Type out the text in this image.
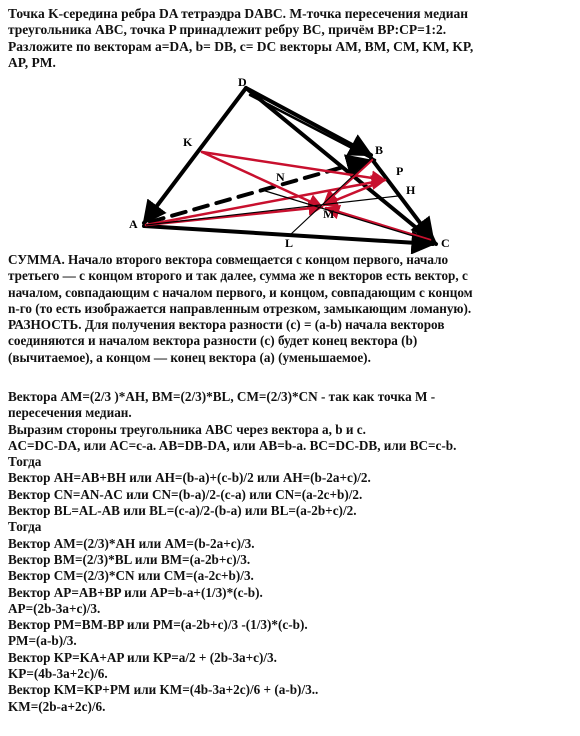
Точка K-середина ребра DA тетраэдра DABC. M-точка пересечения медиан
треугольника ABC, точка P принадлежит ребру BC, причём BP:CP=1:2.
Разложите по векторам a=DA, b= DB, c= DC векторы AM, BM, CM, KM, KP,
AP, PM.
D
K
B
P
N
H
A
M
L	C
СУММА. Начало второго вектора совмещается с концом первого, начало
третьего — с концом второго и так далее, сумма же n векторов есть вектор, с
началом, совпадающим с началом первого, и концом, совпадающим с концом
n-го (то есть изображается направленным отрезком, замыкающим ломаную).
РАЗНОСТЬ. Для получения вектора разности (c) = (a-b) начала векторов
соединяются и началом вектора разности (c) будет конец вектора (b)
(вычитаемое), а концом — конец вектора (a) (уменьшаемое).
Вектора AM=(2/3 )*AH, BM=(2/3)*BL, CM=(2/3)*CN - так как точка M -
пересечения медиан.
Выразим стороны треугольника ABC через вектора a, b и c.
AC=DC-DA, или AC=c-a. AB=DB-DA, или AB=b-a. BC=DC-DB, или BC=c-b.
Тогда
Вектор AH=AB+BH или AH=(b-a)+(c-b)/2 или AH=(b-2a+c)/2.
Вектор CN=AN-AC или CN=(b-a)/2-(c-a) или CN=(a-2c+b)/2.
Вектор BL=AL-AB или BL=(c-a)/2-(b-a) или BL=(a-2b+c)/2.
Тогда
Вектор AM=(2/3)*AH или AM=(b-2a+c)/3.
Вектор BM=(2/3)*BL или BM=(a-2b+c)/3.
Вектор CM=(2/3)*CN или CM=(a-2c+b)/3.
Вектор AP=AB+BP или AP=b-a+(1/3)*(c-b).
AP=(2b-3a+c)/3.
Вектор PM=BM-BP или PM=(a-2b+c)/3 -(1/3)*(c-b).
PM=(a-b)/3.
Вектор KP=KA+AP или KP=a/2 + (2b-3a+c)/3.
KP=(4b-3a+2c)/6.
Вектор KM=KP+PM или KM=(4b-3a+2c)/6 + (a-b)/3..
KM=(2b-a+2c)/6.
